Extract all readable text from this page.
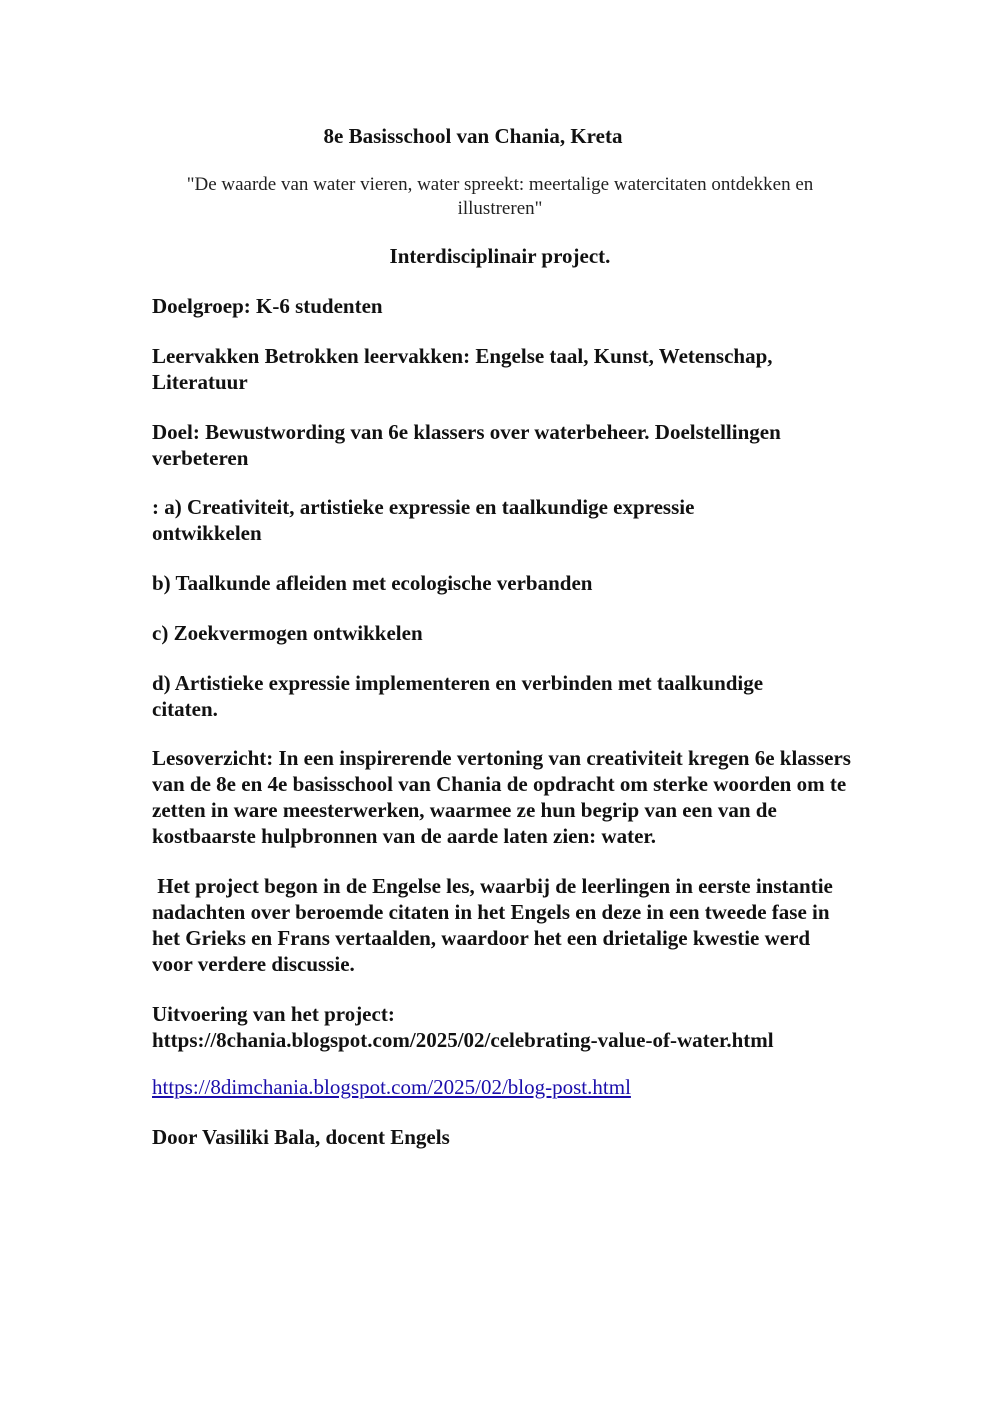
8e Basisschool van Chania, Kreta
"De waarde van water vieren, water spreekt: meertalige watercitaten ontdekken en illustreren"
Interdisciplinair project.
Doelgroep: K-6 studenten
Leervakken Betrokken leervakken: Engelse taal, Kunst, Wetenschap, Literatuur
Doel: Bewustwording van 6e klassers over waterbeheer. Doelstellingen verbeteren
: a) Creativiteit, artistieke expressie en taalkundige expressie ontwikkelen
b) Taalkunde afleiden met ecologische verbanden
c) Zoekvermogen ontwikkelen
d) Artistieke expressie implementeren en verbinden met taalkundige citaten.
Lesoverzicht: In een inspirerende vertoning van creativiteit kregen 6e klassers van de 8e en 4e basisschool van Chania de opdracht om sterke woorden om te zetten in ware meesterwerken, waarmee ze hun begrip van een van de kostbaarste hulpbronnen van de aarde laten zien: water.
Het project begon in de Engelse les, waarbij de leerlingen in eerste instantie nadachten over beroemde citaten in het Engels en deze in een tweede fase in het Grieks en Frans vertaalden, waardoor het een drietalige kwestie werd voor verdere discussie.
Uitvoering van het project:
https://8chania.blogspot.com/2025/02/celebrating-value-of-water.html
https://8dimchania.blogspot.com/2025/02/blog-post.html
Door Vasiliki Bala, docent Engels
